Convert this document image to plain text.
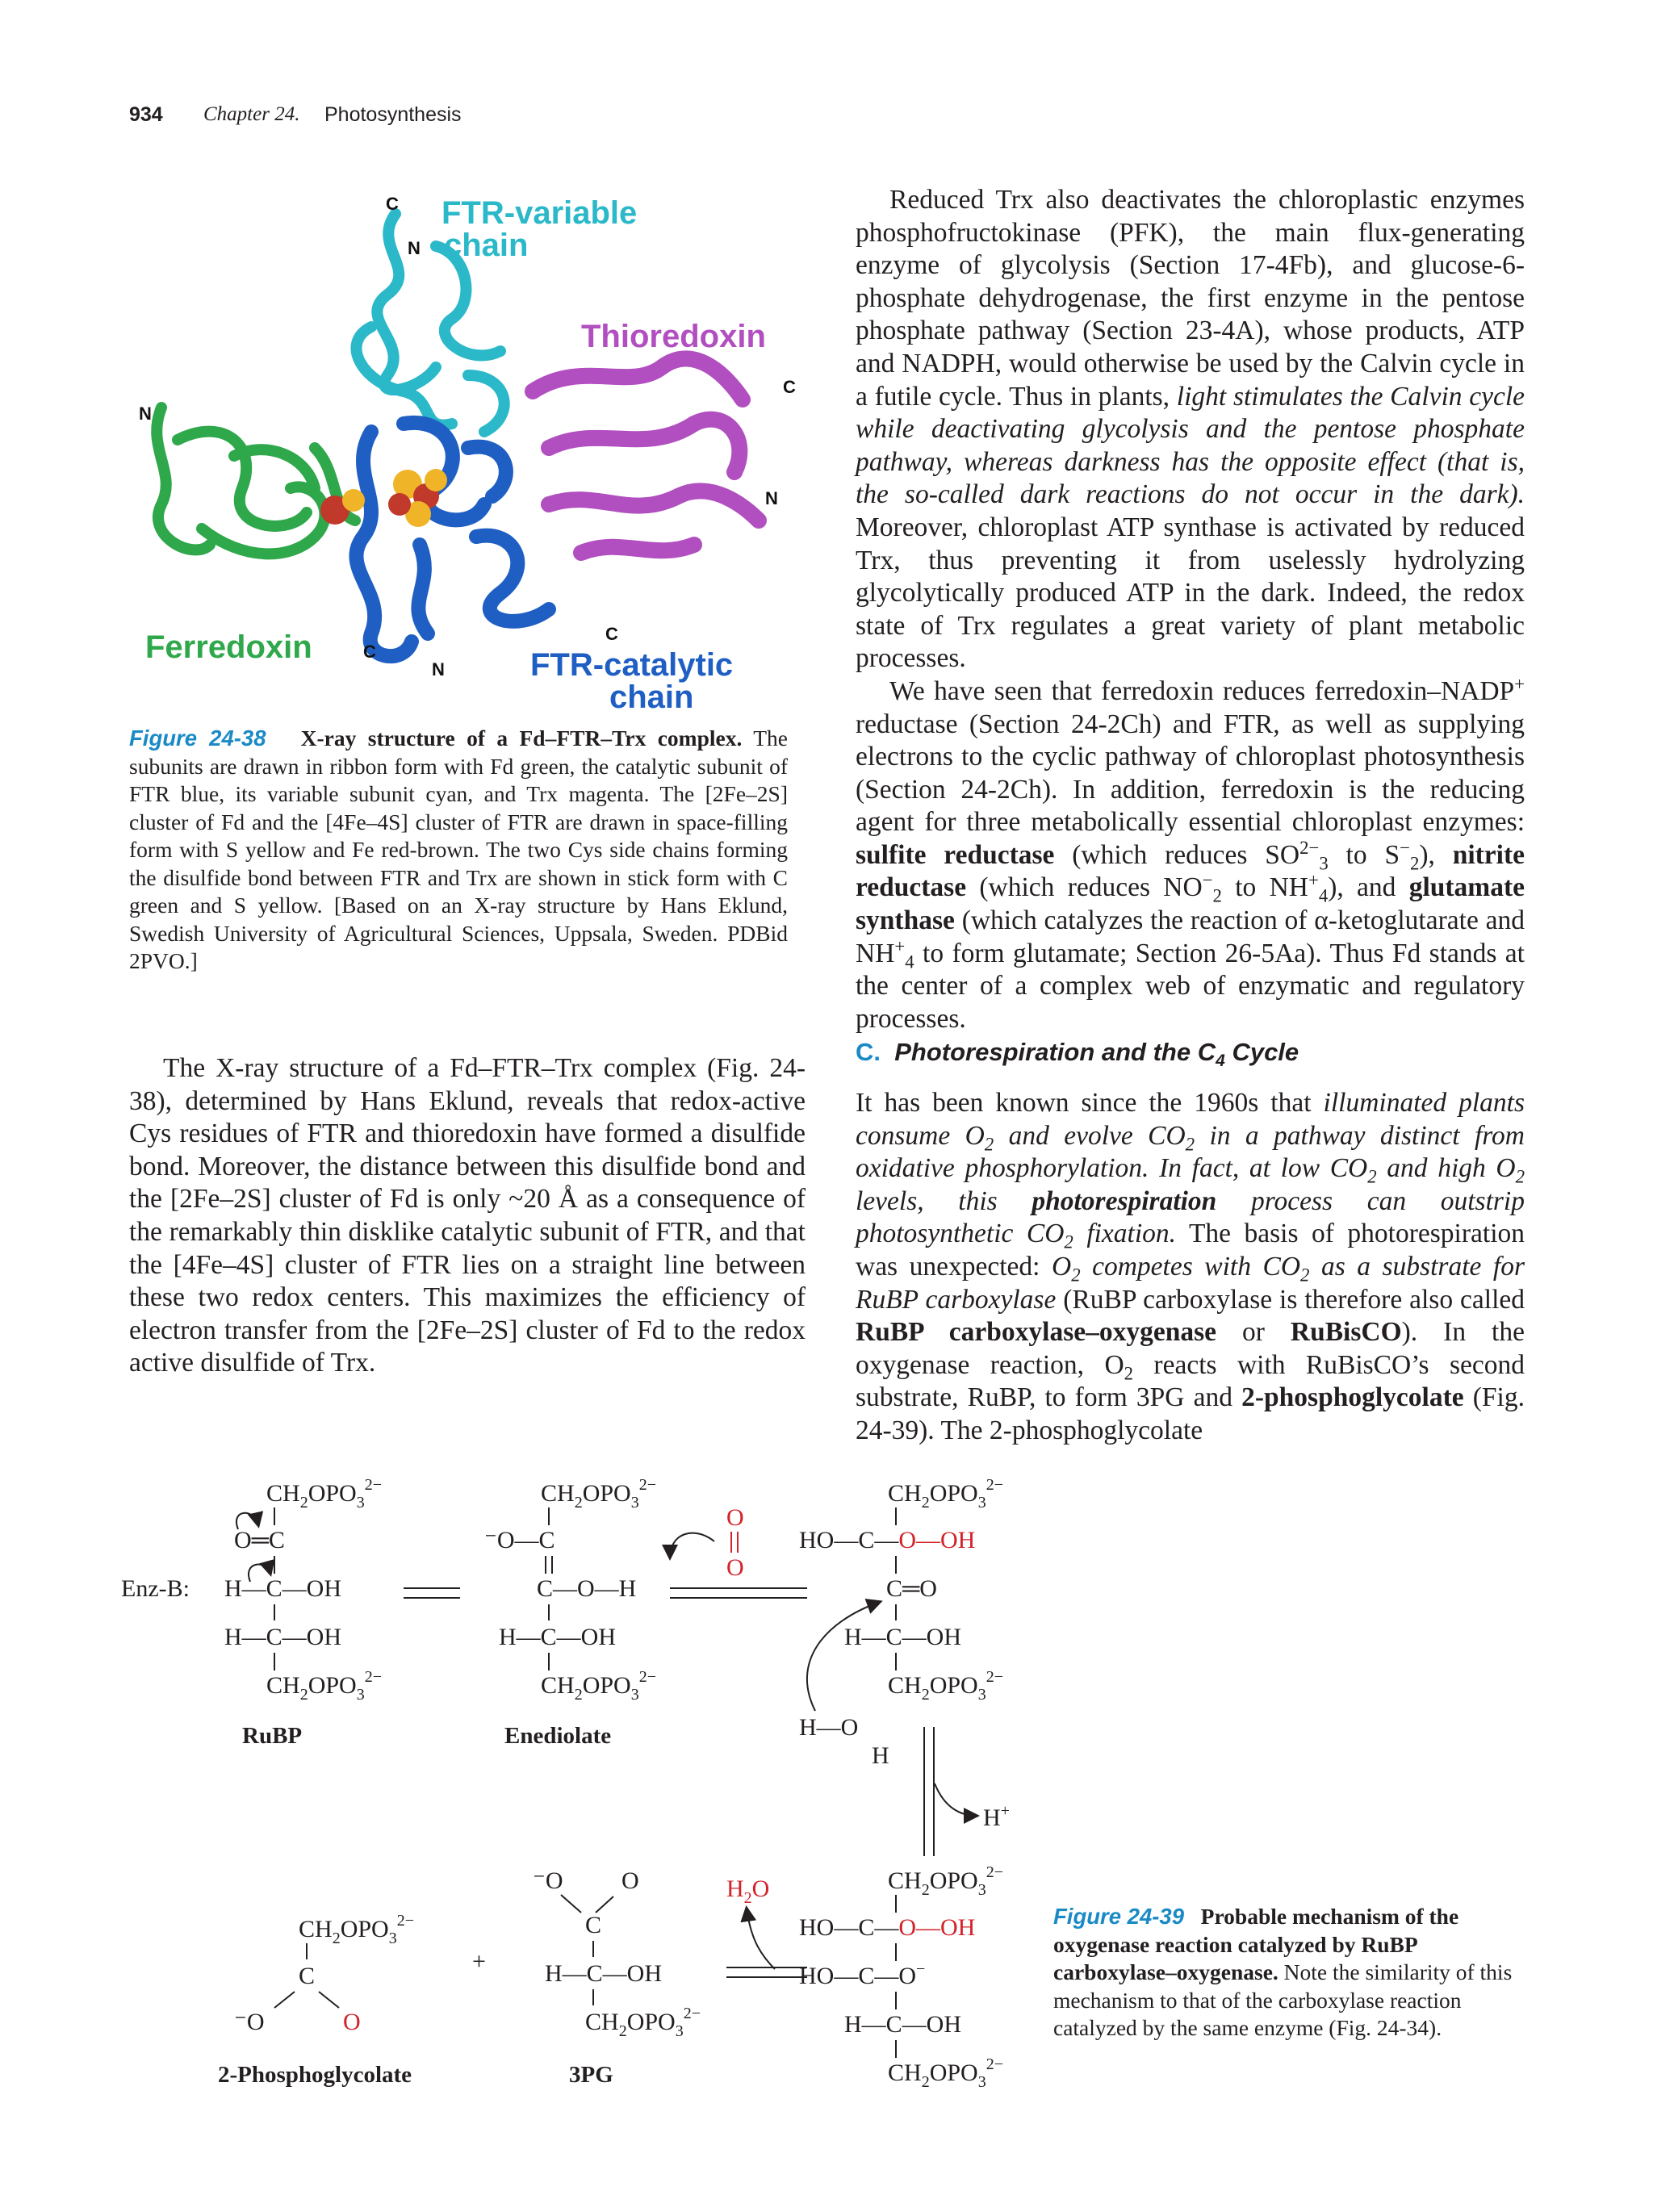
934 Chapter 24. Photosynthesis
FTR-variable
chain
Thioredoxin
Ferredoxin	FTR-catalytic
chain
C
N
C
N
N
C
N
C
Figure 24-38 X-ray structure of a Fd–FTR–Trx complex. The subunits are drawn in ribbon form with Fd green, the catalytic subunit of FTR blue, its variable subunit cyan, and Trx magenta. The [2Fe–2S] cluster of Fd and the [4Fe–4S] cluster of FTR are drawn in space-filling form with S yellow and Fe red-brown. The two Cys side chains forming the disulfide bond between FTR and Trx are shown in stick form with C green and S yellow. [Based on an X-ray structure by Hans Eklund, Swedish University of Agricultural Sciences, Uppsala, Sweden. PDBid 2PVO.]

The X-ray structure of a Fd–FTR–Trx complex (Fig. 24-38), determined by Hans Eklund, reveals that redox-active Cys residues of FTR and thioredoxin have formed a disulfide bond. Moreover, the distance between this disulfide bond and the [2Fe–2S] cluster of Fd is only ~20 Å as a consequence of the remarkably thin disklike catalytic subunit of FTR, and that the [4Fe–4S] cluster of FTR lies on a straight line between these two redox centers. This maximizes the efficiency of electron transfer from the [2Fe–2S] cluster of Fd to the redox active disulfide of Trx.

Reduced Trx also deactivates the chloroplastic enzymes phosphofructokinase (PFK), the main flux-generating enzyme of glycolysis (Section 17-4Fb), and glucose-6-phosphate dehydrogenase, the first enzyme in the pentose phosphate pathway (Section 23-4A), whose products, ATP and NADPH, would otherwise be used by the Calvin cycle in a futile cycle. Thus in plants, light stimulates the Calvin cycle while deactivating glycolysis and the pentose phosphate pathway, whereas darkness has the opposite effect (that is, the so-called dark reactions do not occur in the dark). Moreover, chloroplast ATP synthase is activated by reduced Trx, thus preventing it from uselessly hydrolyzing glycolytically produced ATP in the dark. Indeed, the redox state of Trx regulates a great variety of plant metabolic processes.

We have seen that ferredoxin reduces ferredoxin–NADP+ reductase (Section 24-2Ch) and FTR, as well as supplying electrons to the cyclic pathway of chloroplast photosynthesis (Section 24-2Ch). In addition, ferredoxin is the reducing agent for three metabolically essential chloroplast enzymes: sulfite reductase (which reduces $SO^{2-}_3$ to $S^-_2$), nitrite reductase (which reduces $NO^-_2$ to $NH^+_4$), and glutamate synthase (which catalyzes the reaction of α-ketoglutarate and $NH^+_4$ to form glutamate; Section 26-5Aa). Thus Fd stands at the center of a complex web of enzymatic and regulatory processes.

C. Photorespiration and the $C_4$ Cycle

It has been known since the 1960s that illuminated plants consume $O_2$ and evolve $CO_2$ in a pathway distinct from oxidative phosphorylation. In fact, at low $CO_2$ and high $O_2$ levels, this photorespiration process can outstrip photosynthetic $CO_2$ fixation. The basis of photorespiration was unexpected: $O_2$ competes with $CO_2$ as a substrate for RuBP carboxylase (RuBP carboxylase is therefore also called RuBP carboxylase–oxygenase or RuBisCO). In the oxygenase reaction, $O_2$ reacts with RuBisCO’s second substrate, RuBP, to form 3PG and 2-phosphoglycolate (Fig. 24-39). The 2-phosphoglycolate

$CH_2OPO_3^{2-}$
O═C
Enz-B: H—C—OH
H—C—OH
$CH_2OPO_3^{2-}$
RuBP
$CH_2OPO_3^{2-}$
⁻O—C
C—O—H
H—C—OH
$CH_2OPO_3^{2-}$
Enediolate
O
O
$CH_2OPO_3^{2-}$
HO—C—O—OH
C═O
H—C—OH
$CH_2OPO_3^{2-}$
H—O
H
H+
$CH_2OPO_3^{2-}$
HO—C—O—OH
HO—C—O−
H—C—OH
$CH_2OPO_3^{2-}$
$H_2O$
⁻O O
C
H—C—OH
$CH_2OPO_3^{2-}$
3PG
+
$CH_2OPO_3^{2-}$
C
⁻O	O
2-Phosphoglycolate
Figure 24-39 Probable mechanism of the oxygenase reaction catalyzed by RuBP carboxylase–oxygenase. Note the similarity of this mechanism to that of the carboxylase reaction catalyzed by the same enzyme (Fig. 24-34).
